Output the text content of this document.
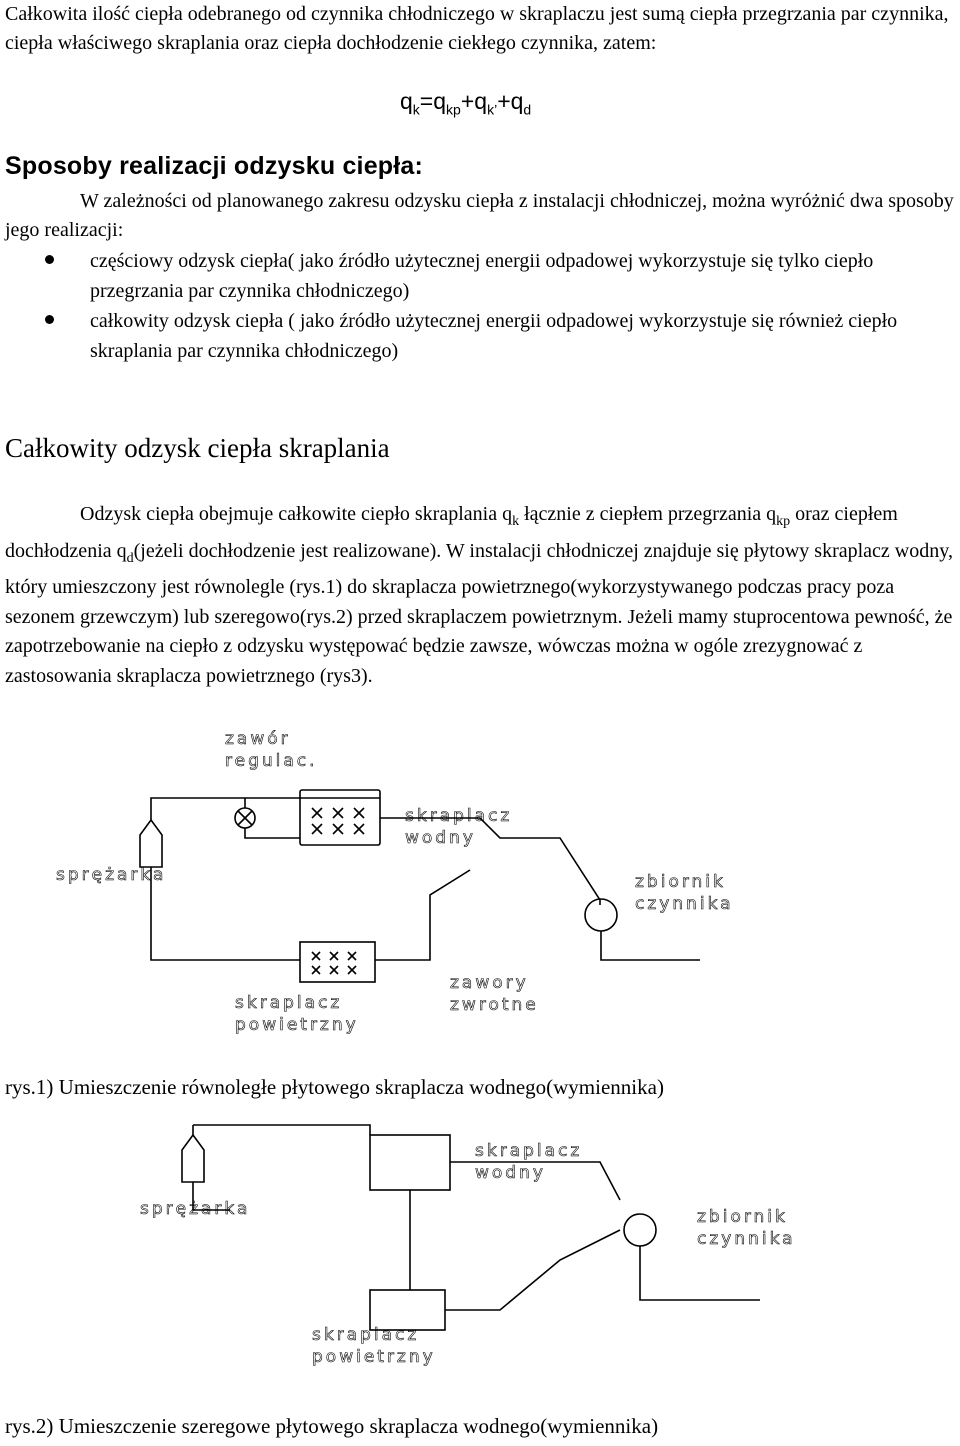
Całkowita ilość ciepła odebranego od czynnika chłodniczego w skraplaczu jest sumą ciepła przegrzania par czynnika, ciepła właściwego skraplania oraz ciepła dochłodzenie ciekłego czynnika, zatem:
$q_k=q_{kp}+q_{k’}+q_d$
Sposoby realizacji odzysku ciepła:
W zależności od planowanego zakresu odzysku ciepła z instalacji chłodniczej, można wyróżnić dwa sposoby jego realizacji:
częściowy odzysk ciepła( jako źródło użytecznej energii odpadowej wykorzystuje się tylko ciepło przegrzania par czynnika chłodniczego)
całkowity odzysk ciepła ( jako źródło użytecznej energii odpadowej wykorzystuje się również ciepło skraplania par czynnika chłodniczego)
Całkowity odzysk ciepła skraplania
Odzysk ciepła obejmuje całkowite ciepło skraplania $q_k$ łącznie z ciepłem przegrzania $q_{kp}$ oraz ciepłem dochłodzenia $q_d(jeżeli$ dochłodzenie jest realizowane). W instalacji chłodniczej znajduje się płytowy skraplacz wodny, który umieszczony jest równolegle (rys.1) do skraplacza powietrznego(wykorzystywanego podczas pracy poza sezonem grzewczym) lub szeregowo(rys.2) przed skraplaczem powietrznym. Jeżeli mamy stuprocentowa pewność, że zapotrzebowanie na ciepło z odzysku występować będzie zawsze, wówczas można w ogóle zrezygnować z zastosowania skraplacza powietrznego (rys3).
zawór
regulac.
skraplacz
wodny
sprężarka	zbiornik
czynnika
zawory
zwrotne
skraplacz
powietrzny
rys.1) Umieszczenie równoległe płytowego skraplacza wodnego(wymiennika)
skraplacz
wodny
sprężarka	zbiornik
czynnika
skraplacz
powietrzny
rys.2) Umieszczenie szeregowe płytowego skraplacza wodnego(wymiennika)
